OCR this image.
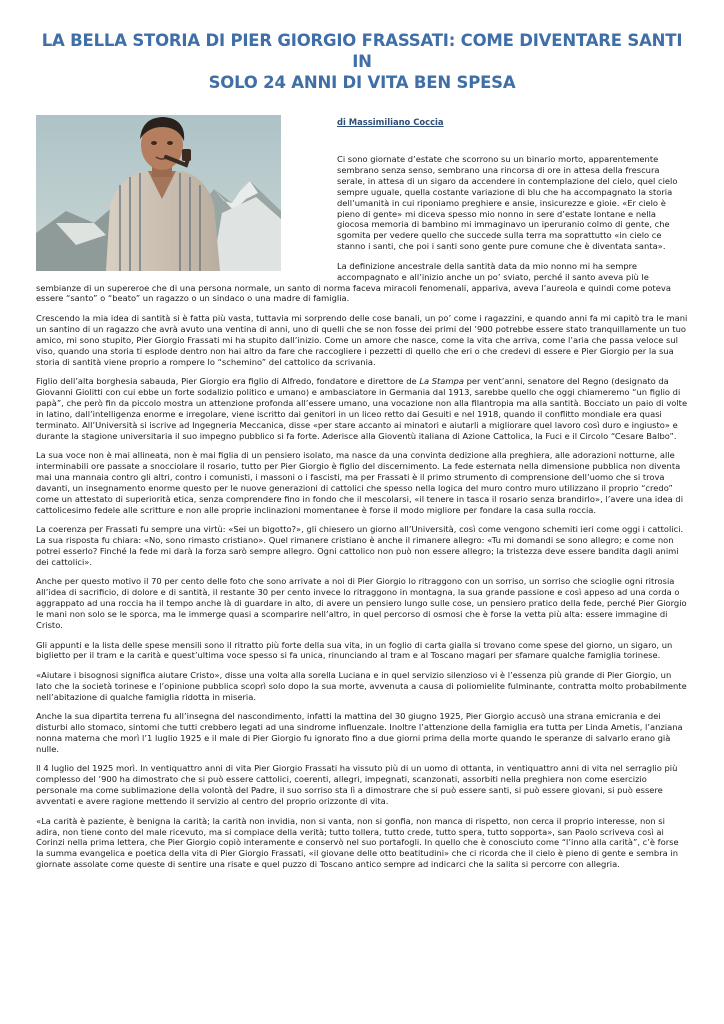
LA BELLA STORIA DI PIER GIORGIO FRASSATI: COME DIVENTARE SANTI IN
SOLO 24 ANNI DI VITA BEN SPESA

di Massimiliano Coccia

Ci sono giornate d’estate che scorrono su un binario morto, apparentemente sembrano senza senso, sembrano una rincorsa di ore in attesa della frescura serale, in attesa di un sigaro da accendere in contemplazione del cielo, quel cielo sempre uguale, quella costante variazione di blu che ha accompagnato la storia dell’umanità in cui riponiamo preghiere e ansie, insicurezze e gioie. «Er cielo è pieno di gente» mi diceva spesso mio nonno in sere d’estate lontane e nella giocosa memoria di bambino mi immaginavo un iperuranio colmo di gente, che sgomita per vedere quello che succede sulla terra ma soprattutto «in cielo ce stanno i santi, che poi i santi sono gente pure comune che è diventata santa».

La definizione ancestrale della santità data da mio nonno mi ha sempre accompagnato e all’inizio anche un po’ sviato, perché il santo aveva più le sembianze di un supereroe che di una persona normale, un santo di norma faceva miracoli fenomenali, appariva, aveva l’aureola e quindi come poteva essere “santo” o “beato” un ragazzo o un sindaco o una madre di famiglia.

Crescendo la mia idea di santità si è fatta più vasta, tuttavia mi sorprendo delle cose banali, un po’ come i ragazzini, e quando anni fa mi capitò tra le mani un santino di un ragazzo che avrà avuto una ventina di anni, uno di quelli che se non fosse dei primi del ’900 potrebbe essere stato tranquillamente un tuo amico, mi sono stupito, Pier Giorgio Frassati mi ha stupito dall’inizio. Come un amore che nasce, come la vita che arriva, come l’aria che passa veloce sul viso, quando una storia ti esplode dentro non hai altro da fare che raccogliere i pezzetti di quello che eri o che credevi di essere e Pier Giorgio per la sua storia di santità viene proprio a rompere lo “schemino” del cattolico da scrivania.

Figlio dell’alta borghesia sabauda, Pier Giorgio era figlio di Alfredo, fondatore e direttore de La Stampa per vent’anni, senatore del Regno (designato da Giovanni Giolitti con cui ebbe un forte sodalizio politico e umano) e ambasciatore in Germania dal 1913, sarebbe quello che oggi chiameremo “un figlio di papà”, che però fin da piccolo mostra un attenzione profonda all’essere umano, una vocazione non alla filantropia ma alla santità. Bocciato un paio di volte in latino, dall’intelligenza enorme e irregolare, viene iscritto dai genitori in un liceo retto dai Gesuiti e nel 1918, quando il conflitto mondiale era quasi terminato. All’Università si iscrive ad Ingegneria Meccanica, disse «per stare accanto ai minatori e aiutarli a migliorare quel lavoro così duro e ingiusto» e durante la stagione universitaria il suo impegno pubblico si fa forte. Aderisce alla Gioventù italiana di Azione Cattolica, la Fuci e il Circolo “Cesare Balbo”.

La sua voce non è mai allineata, non è mai figlia di un pensiero isolato, ma nasce da una convinta dedizione alla preghiera, alle adorazioni notturne, alle interminabili ore passate a snocciolare il rosario, tutto per Pier Giorgio è figlio del discernimento. La fede esternata nella dimensione pubblica non diventa mai una mannaia contro gli altri, contro i comunisti, i massoni o i fascisti, ma per Frassati è il primo strumento di comprensione dell’uomo che si trova davanti, un insegnamento enorme questo per le nuove generazioni di cattolici che spesso nella logica del muro contro muro utilizzano il proprio “credo” come un attestato di superiorità etica, senza comprendere fino in fondo che il mescolarsi, «il tenere in tasca il rosario senza brandirlo», l’avere una idea di cattolicesimo fedele alle scritture e non alle proprie inclinazioni momentanee è forse il modo migliore per fondare la casa sulla roccia.

La coerenza per Frassati fu sempre una virtù: «Sei un bigotto?», gli chiesero un giorno all’Università, così come vengono schemiti ieri come oggi i cattolici. La sua risposta fu chiara: «No, sono rimasto cristiano». Quel rimanere cristiano è anche il rimanere allegro: «Tu mi domandi se sono allegro; e come non potrei esserlo? Finché la fede mi darà la forza sarò sempre allegro. Ogni cattolico non può non essere allegro; la tristezza deve essere bandita dagli animi dei cattolici».

Anche per questo motivo il 70 per cento delle foto che sono arrivate a noi di Pier Giorgio lo ritraggono con un sorriso, un sorriso che scioglie ogni ritrosia all’idea di sacrificio, di dolore e di santità, il restante 30 per cento invece lo ritraggono in montagna, la sua grande passione e così appeso ad una corda o aggrappato ad una roccia ha il tempo anche là di guardare in alto, di avere un pensiero lungo sulle cose, un pensiero pratico della fede, perché Pier Giorgio le mani non solo se le sporca, ma le immerge quasi a scomparire nell’altro, in quel percorso di osmosi che è forse la vetta più alta: essere immagine di Cristo.

Gli appunti e la lista delle spese mensili sono il ritratto più forte della sua vita, in un foglio di carta gialla si trovano come spese del giorno, un sigaro, un biglietto per il tram e la carità e quest’ultima voce spesso si fa unica, rinunciando al tram e al Toscano magari per sfamare qualche famiglia torinese.

«Aiutare i bisognosi significa aiutare Cristo», disse una volta alla sorella Luciana e in quel servizio silenzioso vi è l’essenza più grande di Pier Giorgio, un lato che la società torinese e l’opinione pubblica scoprì solo dopo la sua morte, avvenuta a causa di poliomielite fulminante, contratta molto probabilmente nell’abitazione di qualche famiglia ridotta in miseria.

Anche la sua dipartita terrena fu all’insegna del nascondimento, infatti la mattina del 30 giugno 1925, Pier Giorgio accusò una strana emicrania e dei disturbi allo stomaco, sintomi che tutti crebbero legati ad una sindrome influenzale. Inoltre l’attenzione della famiglia era tutta per Linda Ametis, l’anziana nonna materna che morì l’1 luglio 1925 e il male di Pier Giorgio fu ignorato fino a due giorni prima della morte quando le speranze di salvarlo erano già nulle.

Il 4 luglio del 1925 morì. In ventiquattro anni di vita Pier Giorgio Frassati ha vissuto più di un uomo di ottanta, in ventiquattro anni di vita nel serraglio più complesso del ’900 ha dimostrato che si può essere cattolici, coerenti, allegri, impegnati, scanzonati, assorbiti nella preghiera non come esercizio personale ma come sublimazione della volontà del Padre, il suo sorriso sta lì a dimostrare che si può essere santi, si può essere giovani, si può essere avventati e avere ragione mettendo il servizio al centro del proprio orizzonte di vita.

«La carità è paziente, è benigna la carità; la carità non invidia, non si vanta, non si gonfia, non manca di rispetto, non cerca il proprio interesse, non si adira, non tiene conto del male ricevuto, ma si compiace della verità; tutto tollera, tutto crede, tutto spera, tutto sopporta», san Paolo scriveva così ai Corinzi nella prima lettera, che Pier Giorgio copiò interamente e conservò nel suo portafogli. In quello che è conosciuto come “l’inno alla carità”, c’è forse la summa evangelica e poetica della vita di Pier Giorgio Frassati, «il giovane delle otto beatitudini» che ci ricorda che il cielo è pieno di gente e sembra in giornate assolate come queste di sentire una risate e quel puzzo di Toscano antico sempre ad indicarci che la salita si percorre con allegria.
